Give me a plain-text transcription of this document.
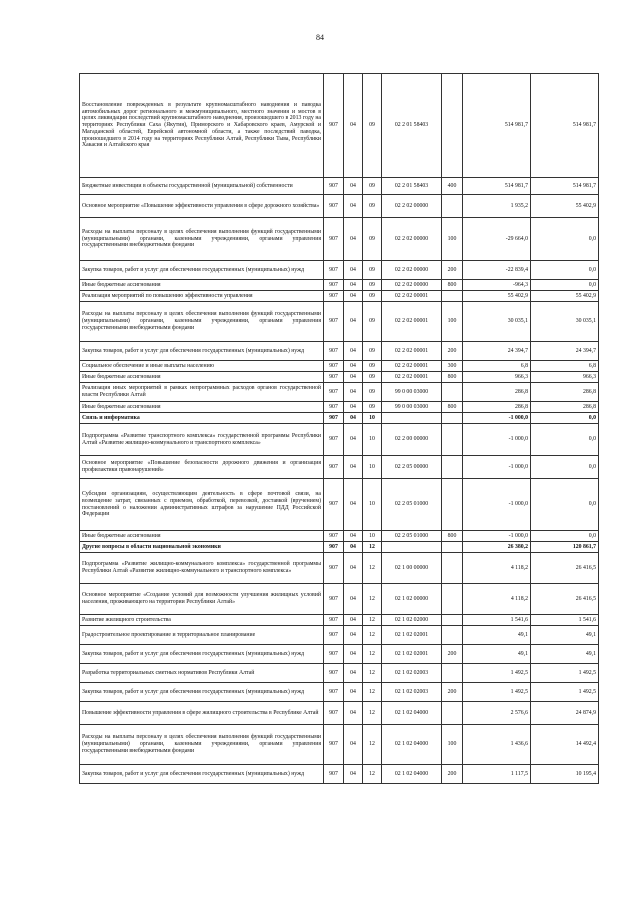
84
Восстановление поврежденных в результате крупномасштабного наводнения и паводка автомобильных дорог регионального и межмуниципального, местного значения и мостов в целях ликвидации последствий крупномасштабного наводнения, произошедшего в 2013 году на территориях Республики Саха (Якутия), Приморского и Хабаровского краев, Амурской и Магаданской областей, Еврейской автономной области, а также последствий паводка, произошедшего в 2014 году на территориях Республики Алтай, Республики Тыва, Республики Хакасия и Алтайского края	907	04	09	02 2 01 58403		514 981,7	514 981,7
Бюджетные инвестиции в объекты государственной (муниципальной) собственности	907	04	09	02 2 01 58403	400	514 981,7	514 981,7
Основное мероприятие «Повышение эффективности управления в сфере дорожного хозяйства»	907	04	09	02 2 02 00000		1 935,2	55 402,9
Расходы на выплаты персоналу в целях обеспечения выполнения функций государственными (муниципальными) органами, казенными учреждениями, органами управления государственными внебюджетными фондами	907	04	09	02 2 02 00000	100	-29 664,0	0,0
Закупка товаров, работ и услуг для обеспечения государственных (муниципальных) нужд	907	04	09	02 2 02 00000	200	-22 839,4	0,0
Иные бюджетные ассигнования	907	04	09	02 2 02 00000	800	-964,3	0,0
Реализация мероприятий по повышению эффективности управления	907	04	09	02 2 02 00001		55 402,9	55 402,9
Расходы на выплаты персоналу в целях обеспечения выполнения функций государственными (муниципальными) органами, казенными учреждениями, органами управления государственными внебюджетными фондами	907	04	09	02 2 02 00001	100	30 035,1	30 035,1
Закупка товаров, работ и услуг для обеспечения государственных (муниципальных) нужд	907	04	09	02 2 02 00001	200	24 394,7	24 394,7
Социальное обеспечение и иные выплаты населению	907	04	09	02 2 02 00001	300	6,8	6,8
Иные бюджетные ассигнования	907	04	09	02 2 02 00001	800	966,3	966,3
Реализация иных мероприятий в рамках непрограммных расходов органов государственной власти Республики Алтай	907	04	09	99 0 00 03000		286,8	286,8
Иные бюджетные ассигнования	907	04	09	99 0 00 03000	800	286,8	286,8
Связь и информатика	907	04	10			-1 000,0	0,0
Подпрограмма «Развитие транспортного комплекса» государственной программы Республики Алтай «Развитие жилищно-коммунального и транспортного комплекса»	907	04	10	02 2 00 00000		-1 000,0	0,0
Основное мероприятие «Повышение безопасности дорожного движения и организация профилактики правонарушений»	907	04	10	02 2 05 00000		-1 000,0	0,0
Субсидии организациям, осуществляющим деятельность в сфере почтовой связи, на возмещение затрат, связанных с приемом, обработкой, перевозкой, доставкой (вручением) постановлений о наложении административных штрафов за нарушение ПДД Российской Федерации	907	04	10	02 2 05 01000		-1 000,0	0,0
Иные бюджетные ассигнования	907	04	10	02 2 05 01000	800	-1 000,0	0,0
Другие вопросы в области национальной экономики	907	04	12			26 380,2	120 861,7
Подпрограмма «Развитие жилищно-коммунального комплекса» государственной программы Республики Алтай «Развитие жилищно-коммунального и транспортного комплекса»	907	04	12	02 1 00 00000		4 118,2	26 416,5
Основное мероприятие «Создание условий для возможности улучшения жилищных условий населения, проживающего на территории Республики Алтай»	907	04	12	02 1 02 00000		4 118,2	26 416,5
Развитие жилищного строительства	907	04	12	02 1 02 02000		1 541,6	1 541,6
Градостроительное проектирование и территориальное планирование	907	04	12	02 1 02 02001		49,1	49,1
Закупка товаров, работ и услуг для обеспечения государственных (муниципальных) нужд	907	04	12	02 1 02 02001	200	49,1	49,1
Разработка территориальных сметных нормативов Республики Алтай	907	04	12	02 1 02 02003		1 492,5	1 492,5
Закупка товаров, работ и услуг для обеспечения государственных (муниципальных) нужд	907	04	12	02 1 02 02003	200	1 492,5	1 492,5
Повышение эффективности управления в сфере жилищного строительства в Республике Алтай	907	04	12	02 1 02 04000		2 576,6	24 874,9
Расходы на выплаты персоналу в целях обеспечения выполнения функций государственными (муниципальными) органами, казенными учреждениями, органами управления государственными внебюджетными фондами	907	04	12	02 1 02 04000	100	1 436,6	14 492,4
Закупка товаров, работ и услуг для обеспечения государственных (муниципальных) нужд	907	04	12	02 1 02 04000	200	1 117,5	10 195,4
